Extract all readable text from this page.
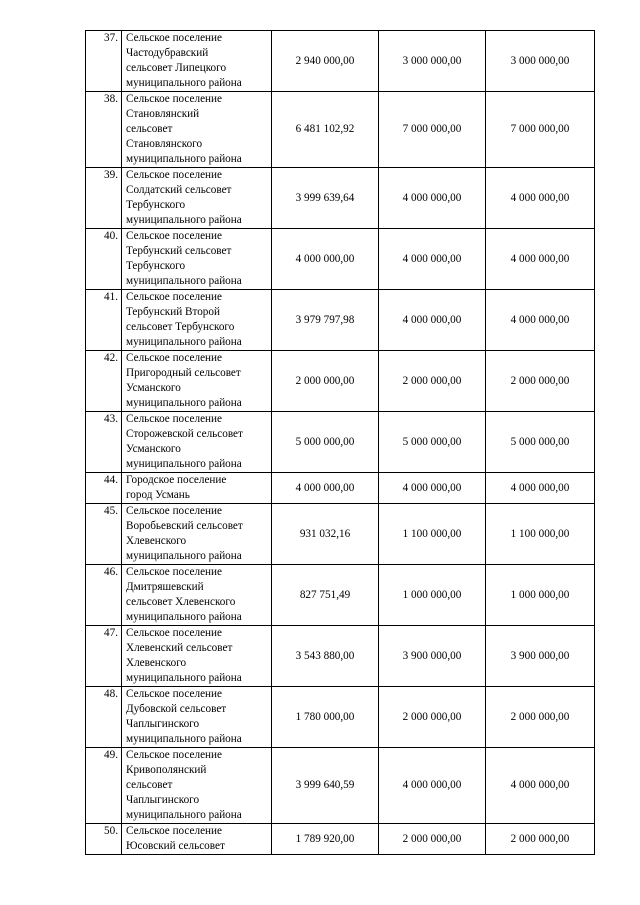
37.	Сельское поселение
Частодубравский
сельсовет Липецкого
муниципального района	2 940 000,00	3 000 000,00	3 000 000,00
38.	Сельское поселение
Становлянский
сельсовет
Становлянского
муниципального района	6 481 102,92	7 000 000,00	7 000 000,00
39.	Сельское поселение
Солдатский сельсовет
Тербунского
муниципального района	3 999 639,64	4 000 000,00	4 000 000,00
40.	Сельское поселение
Тербунский сельсовет
Тербунского
муниципального района	4 000 000,00	4 000 000,00	4 000 000,00
41.	Сельское поселение
Тербунский Второй
сельсовет Тербунского
муниципального района	3 979 797,98	4 000 000,00	4 000 000,00
42.	Сельское поселение
Пригородный сельсовет
Усманского
муниципального района	2 000 000,00	2 000 000,00	2 000 000,00
43.	Сельское поселение
Сторожевской сельсовет
Усманского
муниципального района	5 000 000,00	5 000 000,00	5 000 000,00
44.	Городское поселение
город Усмань	4 000 000,00	4 000 000,00	4 000 000,00
45.	Сельское поселение
Воробьевский сельсовет
Хлевенского
муниципального района	931 032,16	1 100 000,00	1 100 000,00
46.	Сельское поселение
Дмитряшевский
сельсовет Хлевенского
муниципального района	827 751,49	1 000 000,00	1 000 000,00
47.	Сельское поселение
Хлевенский сельсовет
Хлевенского
муниципального района	3 543 880,00	3 900 000,00	3 900 000,00
48.	Сельское поселение
Дубовской сельсовет
Чаплыгинского
муниципального района	1 780 000,00	2 000 000,00	2 000 000,00
49.	Сельское поселение
Кривополянский
сельсовет
Чаплыгинского
муниципального района	3 999 640,59	4 000 000,00	4 000 000,00
50.	Сельское поселение
Юсовский сельсовет	1 789 920,00	2 000 000,00	2 000 000,00
